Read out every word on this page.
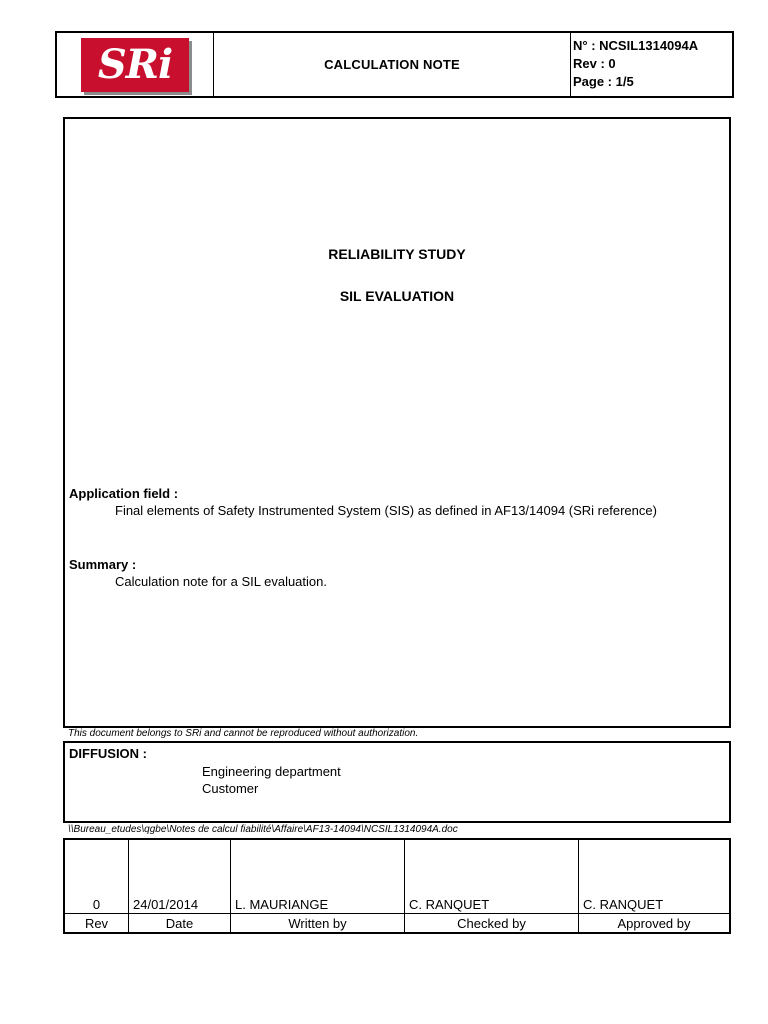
SRi	CALCULATION NOTE
N° : NCSIL1314094A
Rev : 0
Page : 1/5
RELIABILITY STUDY
SIL EVALUATION
Application field :
Final elements of Safety Instrumented System (SIS) as defined in AF13/14094 (SRi reference)
Summary :
Calculation note for a SIL evaluation.
This document belongs to SRi and cannot be reproduced without authorization.
DIFFUSION :
Engineering department
Customer
\\Bureau_etudes\qgbe\Notes de calcul fiabilité\Affaire\AF13-14094\NCSIL1314094A.doc
0	24/01/2014	L. MAURIANGE	C. RANQUET	C. RANQUET
Rev	Date	Written by	Checked by	Approved by
